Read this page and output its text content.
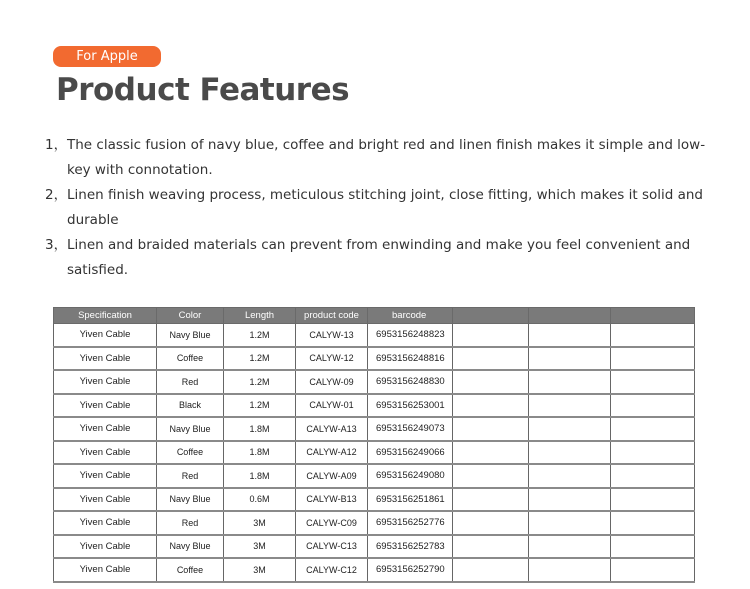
For Apple
Product Features
1， The classic fusion of navy blue, coffee and bright red and linen finish makes it simple and low-key with connotation.
2， Linen finish weaving process, meticulous stitching joint, close fitting, which makes it solid and durable
3， Linen and braided materials can prevent from enwinding and make you feel convenient and satisfied.
Specification	Color	Length	product code	barcode			
Yiven Cable	Navy Blue	1.2M	CALYW-13	6953156248823			
Yiven Cable	Coffee	1.2M	CALYW-12	6953156248816			
Yiven Cable	Red	1.2M	CALYW-09	6953156248830			
Yiven Cable	Black	1.2M	CALYW-01	6953156253001			
Yiven Cable	Navy Blue	1.8M	CALYW-A13	6953156249073			
Yiven Cable	Coffee	1.8M	CALYW-A12	6953156249066			
Yiven Cable	Red	1.8M	CALYW-A09	6953156249080			
Yiven Cable	Navy Blue	0.6M	CALYW-B13	6953156251861			
Yiven Cable	Red	3M	CALYW-C09	6953156252776			
Yiven Cable	Navy Blue	3M	CALYW-C13	6953156252783			
Yiven Cable	Coffee	3M	CALYW-C12	6953156252790			
